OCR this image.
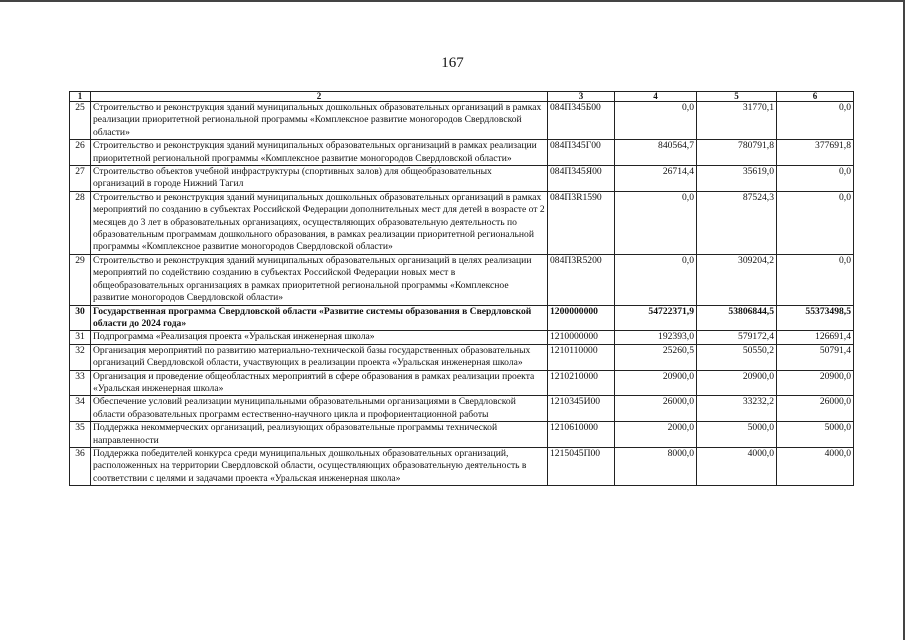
167
1	2	3	4	5	6
25	Строительство и реконструкция зданий муниципальных дошкольных образовательных организаций в рамках реализации приоритетной региональной программы «Комплексное развитие моногородов Свердловской области»	084П345Б00	0,0	31770,1	0,0
26	Строительство и реконструкция зданий муниципальных образовательных организаций в рамках реализации приоритетной региональной программы «Комплексное развитие моногородов Свердловской области»	084П345Г00	840564,7	780791,8	377691,8
27	Строительство объектов учебной инфраструктуры (спортивных залов) для общеобразовательных организаций в городе Нижний Тагил	084П345Я00	26714,4	35619,0	0,0
28	Строительство и реконструкция зданий муниципальных дошкольных образовательных организаций в рамках мероприятий по созданию в субъектах Российской Федерации дополнительных мест для детей в возрасте от 2 месяцев до 3 лет в образовательных организациях, осуществляющих образовательную деятельность по образовательным программам дошкольного образования, в рамках реализации приоритетной региональной программы «Комплексное развитие моногородов Свердловской области»	084П3R1590	0,0	87524,3	0,0
29	Строительство и реконструкция зданий муниципальных образовательных организаций в целях реализации мероприятий по содействию созданию в субъектах Российской Федерации новых мест в общеобразовательных организациях в рамках приоритетной региональной программы «Комплексное развитие моногородов Свердловской области»	084П3R5200	0,0	309204,2	0,0
30	Государственная программа Свердловской области «Развитие системы образования в Свердловской области до 2024 года»	1200000000	54722371,9	53806844,5	55373498,5
31	Подпрограмма «Реализация проекта «Уральская инженерная школа»	1210000000	192393,0	579172,4	126691,4
32	Организация мероприятий по развитию материально-технической базы государственных образовательных организаций Свердловской области, участвующих в реализации проекта «Уральская инженерная школа»	1210110000	25260,5	50550,2	50791,4
33	Организация и проведение общеобластных мероприятий в сфере образования в рамках реализации проекта «Уральская инженерная школа»	1210210000	20900,0	20900,0	20900,0
34	Обеспечение условий реализации муниципальными образовательными организациями в Свердловской области образовательных программ естественно-научного цикла и профориентационной работы	1210345И00	26000,0	33232,2	26000,0
35	Поддержка некоммерческих организаций, реализующих образовательные программы технической направленности	1210610000	2000,0	5000,0	5000,0
36	Поддержка победителей конкурса среди муниципальных дошкольных образовательных организаций, расположенных на территории Свердловской области, осуществляющих образовательную деятельность в соответствии с целями и задачами проекта «Уральская инженерная школа»	1215045П00	8000,0	4000,0	4000,0
